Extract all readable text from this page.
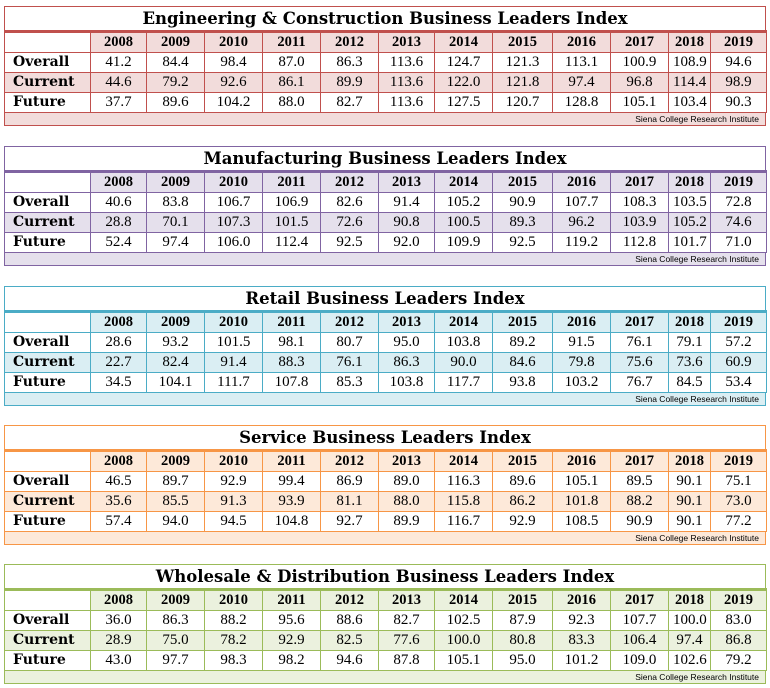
Engineering & Construction Business Leaders Index
	2008	2009	2010	2011	2012	2013	2014	2015	2016	2017	2018	2019
Overall	41.2	84.4	98.4	87.0	86.3	113.6	124.7	121.3	113.1	100.9	108.9	94.6
Current	44.6	79.2	92.6	86.1	89.9	113.6	122.0	121.8	97.4	96.8	114.4	98.9
Future	37.7	89.6	104.2	88.0	82.7	113.6	127.5	120.7	128.8	105.1	103.4	90.3
Siena College Research Institute
Manufacturing Business Leaders Index
	2008	2009	2010	2011	2012	2013	2014	2015	2016	2017	2018	2019
Overall	40.6	83.8	106.7	106.9	82.6	91.4	105.2	90.9	107.7	108.3	103.5	72.8
Current	28.8	70.1	107.3	101.5	72.6	90.8	100.5	89.3	96.2	103.9	105.2	74.6
Future	52.4	97.4	106.0	112.4	92.5	92.0	109.9	92.5	119.2	112.8	101.7	71.0
Siena College Research Institute
Retail Business Leaders Index
	2008	2009	2010	2011	2012	2013	2014	2015	2016	2017	2018	2019
Overall	28.6	93.2	101.5	98.1	80.7	95.0	103.8	89.2	91.5	76.1	79.1	57.2
Current	22.7	82.4	91.4	88.3	76.1	86.3	90.0	84.6	79.8	75.6	73.6	60.9
Future	34.5	104.1	111.7	107.8	85.3	103.8	117.7	93.8	103.2	76.7	84.5	53.4
Siena College Research Institute
Service Business Leaders Index
	2008	2009	2010	2011	2012	2013	2014	2015	2016	2017	2018	2019
Overall	46.5	89.7	92.9	99.4	86.9	89.0	116.3	89.6	105.1	89.5	90.1	75.1
Current	35.6	85.5	91.3	93.9	81.1	88.0	115.8	86.2	101.8	88.2	90.1	73.0
Future	57.4	94.0	94.5	104.8	92.7	89.9	116.7	92.9	108.5	90.9	90.1	77.2
Siena College Research Institute
Wholesale & Distribution Business Leaders Index
	2008	2009	2010	2011	2012	2013	2014	2015	2016	2017	2018	2019
Overall	36.0	86.3	88.2	95.6	88.6	82.7	102.5	87.9	92.3	107.7	100.0	83.0
Current	28.9	75.0	78.2	92.9	82.5	77.6	100.0	80.8	83.3	106.4	97.4	86.8
Future	43.0	97.7	98.3	98.2	94.6	87.8	105.1	95.0	101.2	109.0	102.6	79.2
Siena College Research Institute
